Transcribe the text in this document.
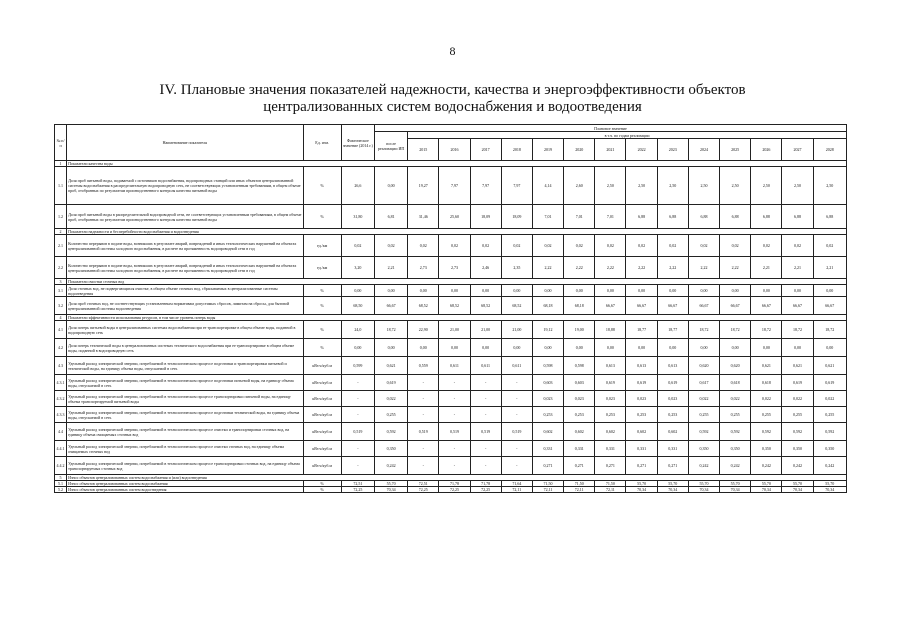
8
IV. Плановые значения показателей надежности, качества и энергоэффективности объектов
централизованных систем водоснабжения и водоотведения
№ п/п	Наименование показателя	Ед. изм.	Фактическое значение (2014 г.)	Плановое значение														
				после реализации ИП	в т.ч. по годам реализации													
					2015	2016	2017	2018	2019	2020	2021	2022	2023	2024	2025	2026	2027	2028
1	Показатели качества воды																	
1.1	Доля проб питьевой воды, подаваемой с источников водоснабжения, водопроводных станций или иных объектов централизованной системы водоснабжения в распределительную водопроводную сеть, не соответствующих установленным требованиям, в общем объеме проб, отобранных по результатам производственного контроля качества питьевой воды	%	26,6	0,00	19,27	7,97	7,97	7,97	4,14	2,60	2,50	2,50	2,50	2,50	2,50	2,50	2,50	2,50
1.2	Доля проб питьевой воды в распределительной водопроводной сети, не соответствующих установленным требованиям, в общем объеме проб, отобранных по результатам производственного контроля качества питьевой воды	%	31,80	6,81	31,46	25,60	18,09	18,09	7,01	7,01	7,01	6,88	6,88	6,88	6,88	6,88	6,88	6,88
2	Показатели надежности и бесперебойности водоснабжения и водоотведения																	
2.1	Количество перерывов в подаче воды, возникших в результате аварий, повреждений и иных технологических нарушений на объектах централизованной системы холодного водоснабжения, в расчете на протяженность водопроводной сети в год	ед./км	0,02	0,02	0,02	0,02	0,02	0,02	0,02	0,02	0,02	0,02	0,02	0,02	0,02	0,02	0,02	0,02
2.2	Количество перерывов в подаче воды, возникших в результате аварий, повреждений и иных технологических нарушений на объектах централизованной системы холодного водоснабжения, в расчете на протяженность водопроводной сети в год	ед./км	3,20	2,21	2,73	2,73	2,46	2,35	2,22	2,22	2,22	2,22	2,22	2,22	2,22	2,21	2,21	2,21
3	Показатели очистки сточных вод																	
3.1	Доля сточных вод, не подвергающихся очистке, в общем объеме сточных вод, сбрасываемых в централизованные системы водоотведения	%	0,00	0,00	0,00	0,00	0,00	0,00	0,00	0,00	0,00	0,00	0,00	0,00	0,00	0,00	0,00	0,00
3.2	Доля проб сточных вод, не соответствующих установленным нормативам допустимых сбросов, лимитам на сбросы, для бытовой централизованной системы водоотведения	%	68,50	66,67	68,52	68,52	68,52	68,52	68,18	68,18	66,67	66,67	66,67	66,67	66,67	66,67	66,67	66,67
4	Показатели эффективности использования ресурсов, в том числе уровень потерь воды																	
4.1	Доля потерь питьевой воды в централизованных системах водоснабжения при ее транспортировке в общем объеме воды, поданной в водопроводную сеть	%	24,0	18,72	22,90	21,00	21,00	21,00	19,12	19,00	18,88	18,77	18,77	18,72	18,72	18,72	18,72	18,72
4.2	Доля потерь технической воды в централизованных системах технического водоснабжения при ее транспортировке в общем объеме воды, поданной в водопроводную сеть	%	0,00	0,00	0,00	0,00	0,00	0,00	0,00	0,00	0,00	0,00	0,00	0,00	0,00	0,00	0,00	0,00
4.3	Удельный расход электрической энергии, потребляемой в технологическом процессе подготовки и транспортировки питьевой и технической воды, на единицу объема воды, отпускаемой в сеть	кВт.ч/куб.м	0,599	0,621	0,559	0,611	0,611	0,611	0,598	0,598	0,613	0,613	0,613	0,620	0,620	0,621	0,621	0,621
4.3.1	Удельный расход электрической энергии, потребляемой в технологическом процессе подготовки питьевой воды, на единицу объема воды, отпускаемой в сеть	кВт.ч/куб.м	-	0,619	-	-	-	-	0,603	0,603	0,619	0,619	0,619	0,617	0,618	0,618	0,619	0,619
4.3.2	Удельный расход электрической энергии, потребляемой в технологическом процессе транспортировки питьевой воды, на единицу объема транспортируемой питьевой воды	кВт.ч/куб.м	-	0,022	-	-	-	-	0,023	0,023	0,023	0,023	0,023	0,022	0,022	0,022	0,022	0,022
4.3.3	Удельный расход электрической энергии, потребляемой в технологическом процессе подготовки технической воды, на единицу объема воды, отпускаемой в сеть	кВт.ч/куб.м	-	0,255	-	-	-	-	0,253	0,253	0,253	0,253	0,253	0,255	0,255	0,255	0,255	0,255
4.4	Удельный расход электрической энергии, потребляемой в технологическом процессе очистки и транспортировки сточных вод, на единицу объема очищаемых сточных вод	кВт.ч/куб.м	0,519	0,592	0,519	0,519	0,519	0,519	0,602	0,602	0,602	0,602	0,602	0,592	0,592	0,592	0,592	0,592
4.4.1	Удельный расход электрической энергии, потребляемой в технологическом процессе очистки сточных вод, на единицу объема очищаемых сточных вод	кВт.ч/куб.м	-	0,350	-	-	-	-	0,331	0,331	0,331	0,331	0,331	0,350	0,350	0,350	0,350	0,350
4.4.2	Удельный расход электрической энергии, потребляемой в технологическом процессе транспортировки сточных вод, на единицу объема транспортируемых сточных вод	кВт.ч/куб.м	-	0,242	-	-	-	-	0,271	0,271	0,271	0,271	0,271	0,242	0,242	0,242	0,242	0,242
5	Износ объектов централизованных систем водоснабжения и (или) водоотведения																	
5.1	Износ объектов централизованных систем водоснабжения	%	72,51	55,70	72,51	71,78	71,78	71,64	71,50	71,50	71,50	55,70	55,70	55,70	55,70	55,70	55,70	55,70
5.2	Износ объектов централизованных систем водоотведения	%	72,25	70,34	72,25	72,25	72,25	72,11	72,11	72,11	72,11	70,34	70,34	70,34	70,34	70,34	70,34	70,34
